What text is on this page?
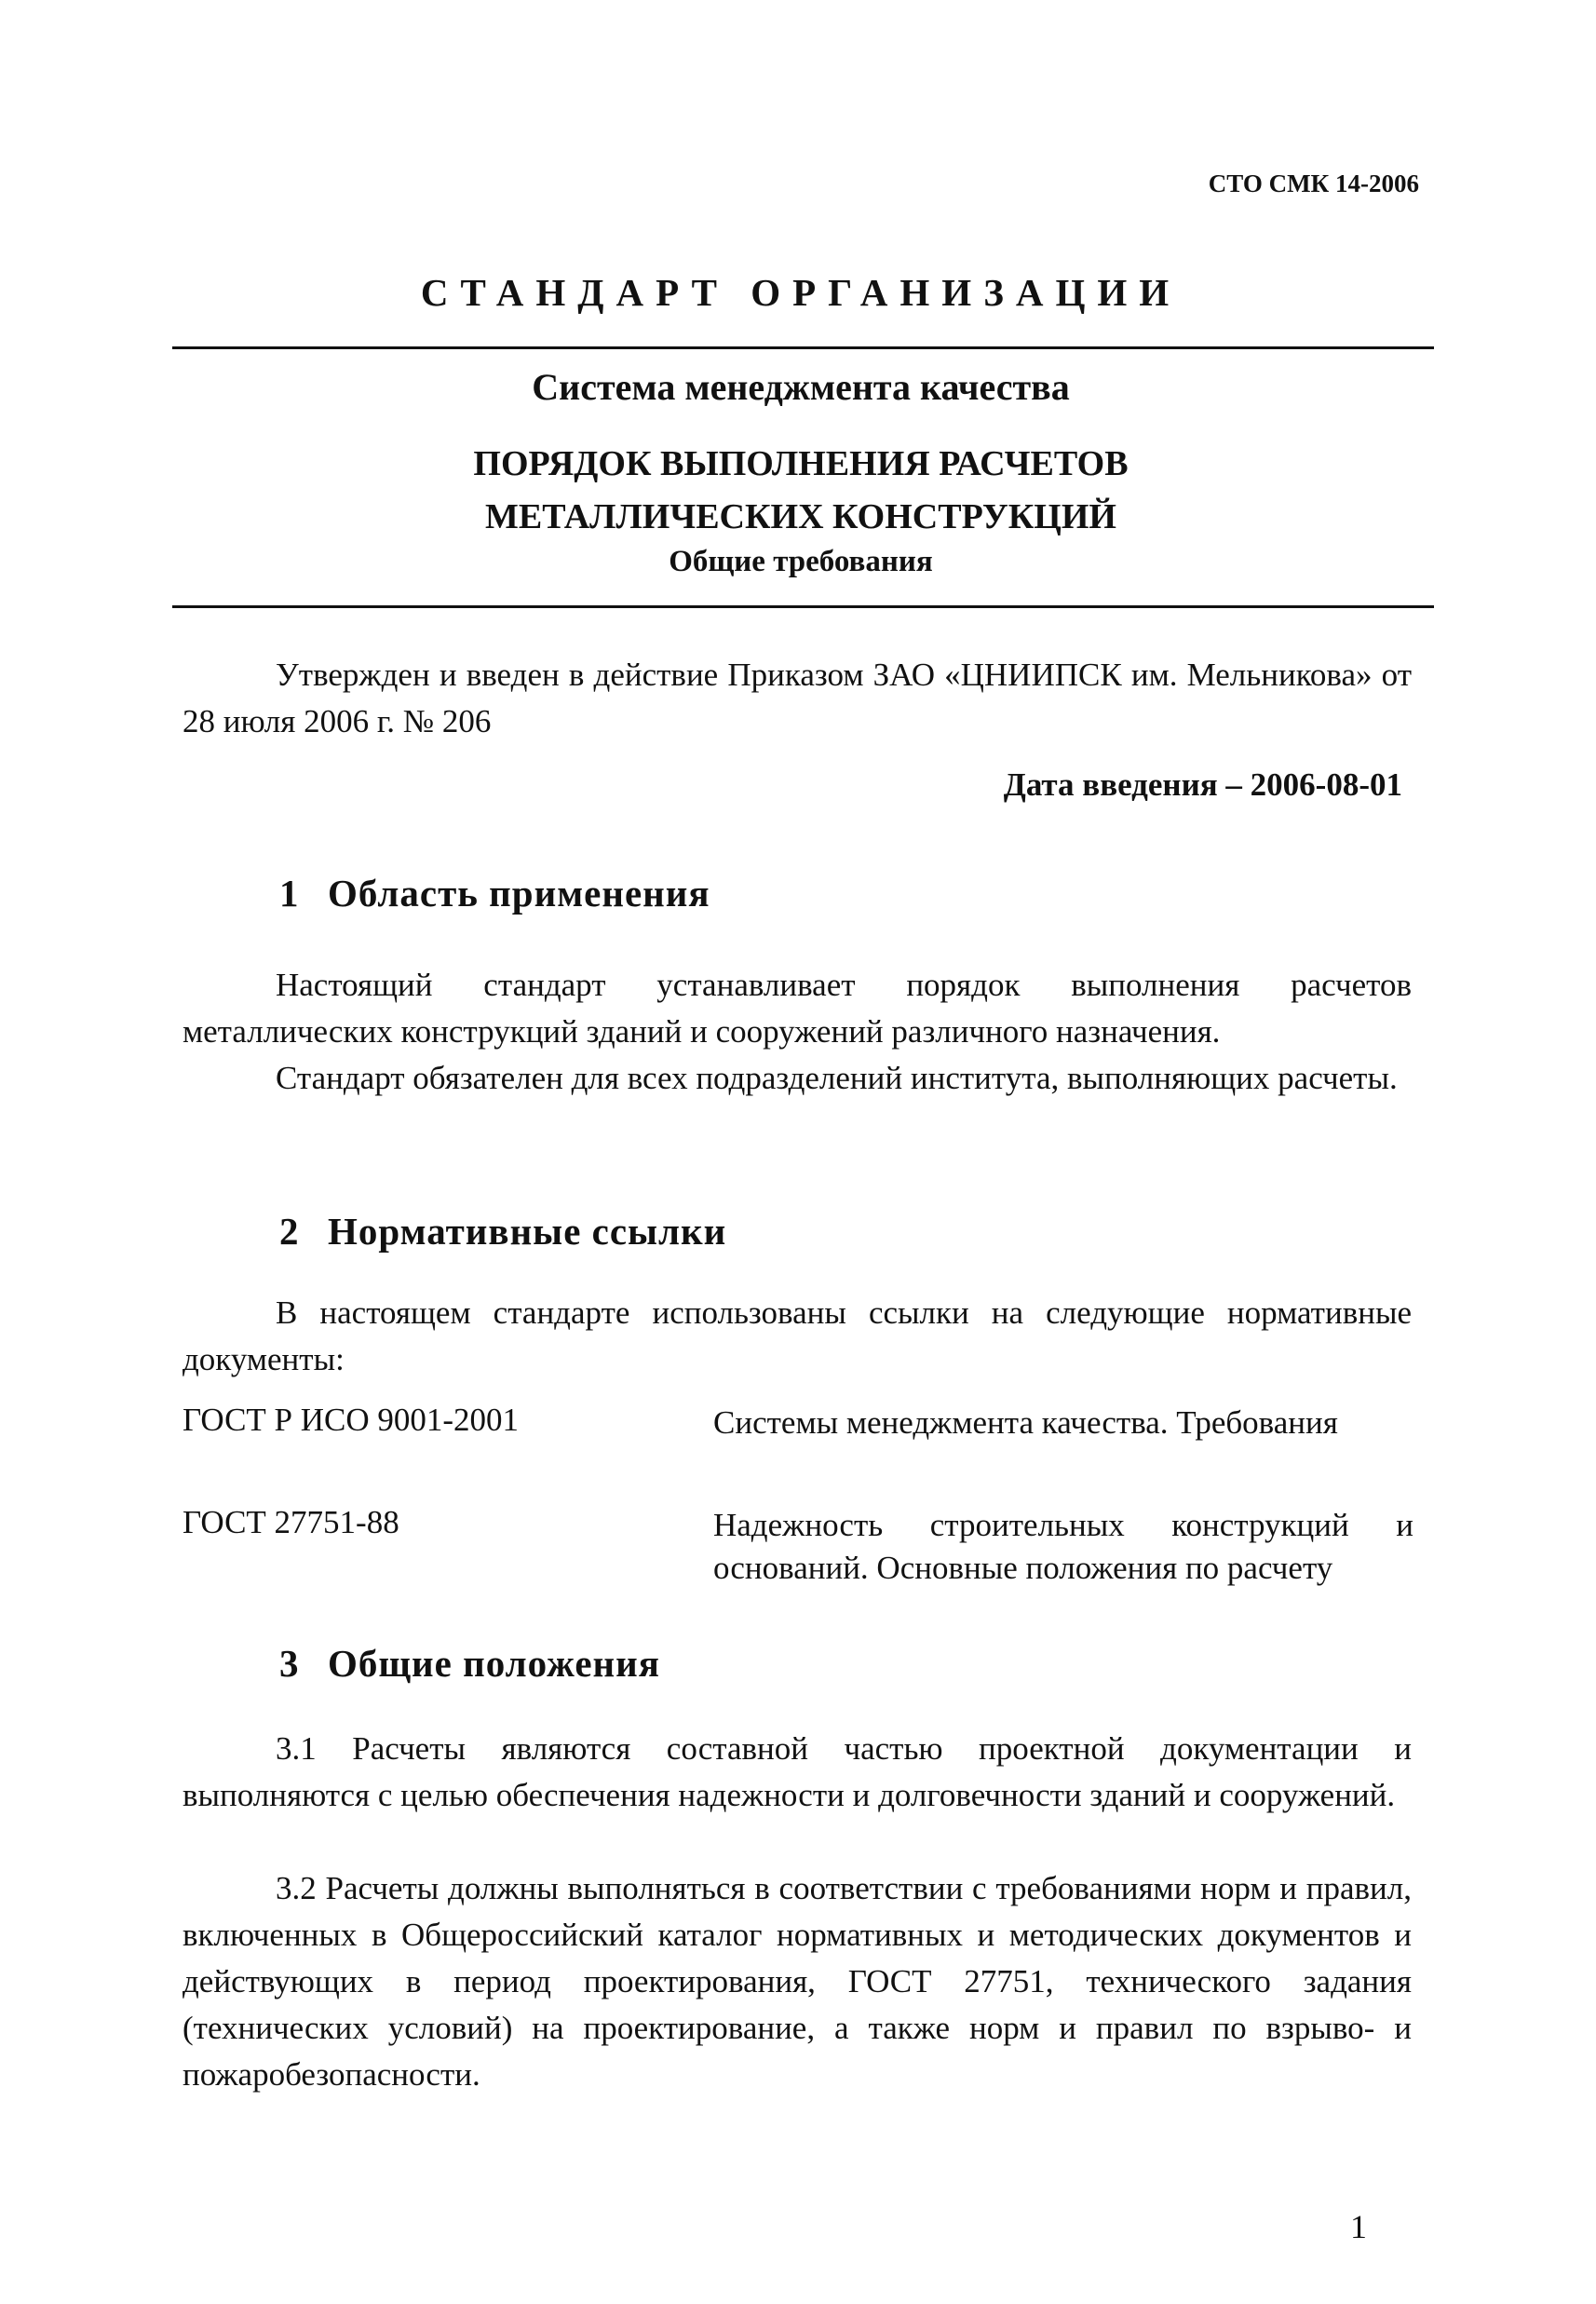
СТО СМК 14-2006
СТАНДАРТ ОРГАНИЗАЦИИ
Система менеджмента качества
ПОРЯДОК ВЫПОЛНЕНИЯ РАСЧЕТОВ
МЕТАЛЛИЧЕСКИХ КОНСТРУКЦИЙ
Общие требования
Утвержден и введен в действие Приказом ЗАО «ЦНИИПСК им. Мельникова» от 28 июля 2006 г. № 206
Дата введения – 2006-08-01
1 Область применения
Настоящий стандарт устанавливает порядок выполнения расчетов металлических конструкций зданий и сооружений различного назначения.
Стандарт обязателен для всех подразделений института, выполняющих расчеты.
2 Нормативные ссылки
В настоящем стандарте использованы ссылки на следующие нормативные документы:
ГОСТ Р ИСО 9001-2001	Системы менеджмента качества. Требования
ГОСТ 27751-88	Надежность строительных конструкций и оснований. Основные положения по расчету
3 Общие положения
3.1 Расчеты являются составной частью проектной документации и выполняются с целью обеспечения надежности и долговечности зданий и сооружений.
3.2 Расчеты должны выполняться в соответствии с требованиями норм и правил, включенных в Общероссийский каталог нормативных и методических документов и действующих в период проектирования, ГОСТ 27751, технического задания (технических условий) на проектирование, а также норм и правил по взрыво- и пожаробезопасности.
1
